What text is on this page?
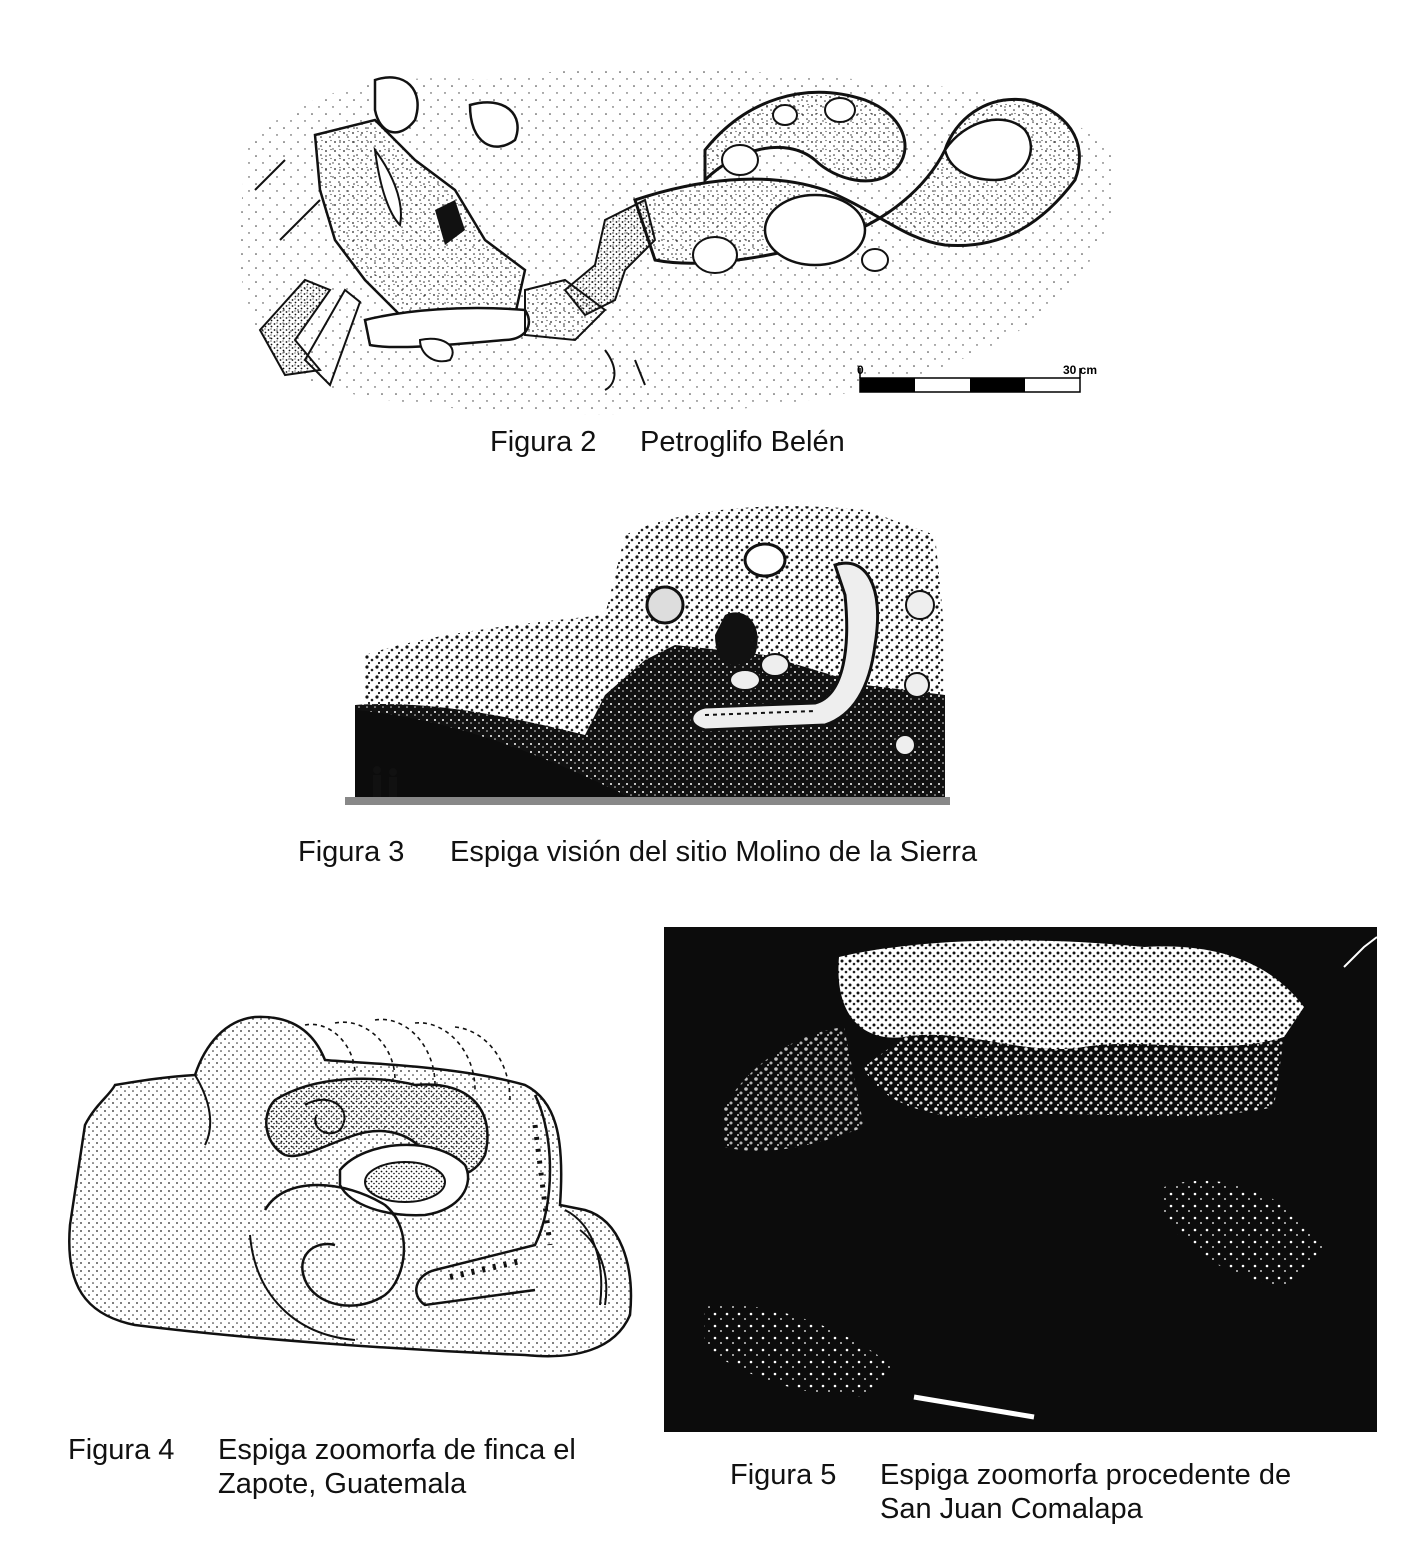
0	30 cm
Figura 2 Petroglifo Belén
Figura 3 Espiga visión del sitio Molino de la Sierra
Figura 4 Espiga zoomorfa de finca el
Zapote, Guatemala	Figura 5 Espiga zoomorfa procedente de
San Juan Comalapa
